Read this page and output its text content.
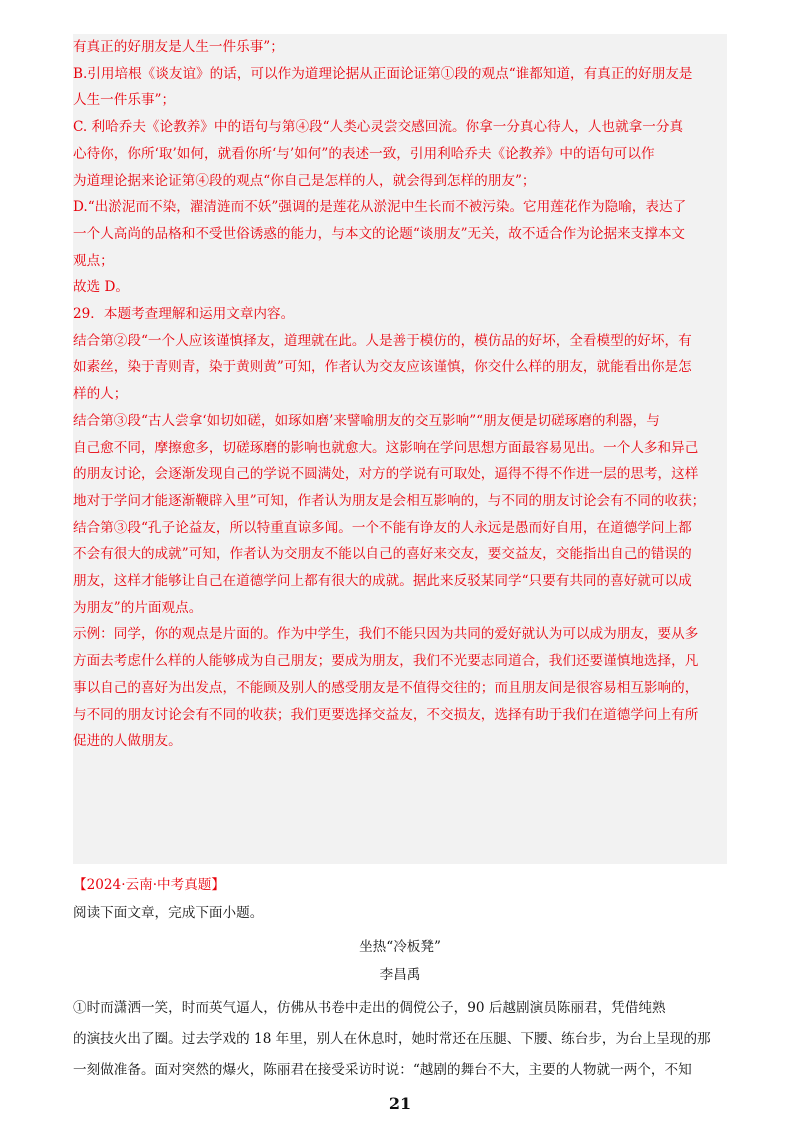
有真正的好朋友是人生一件乐事”；

B.引用培根《谈友谊》的话，可以作为道理论据从正面论证第①段的观点“谁都知道，有真正的好朋友是

人生一件乐事”；

C. 利哈乔夫《论教养》中的语句与第④段“人类心灵尝交感回流。你拿一分真心待人，人也就拿一分真

心待你，你所‘取’如何，就看你所‘与’如何”的表述一致，引用利哈乔夫《论教养》中的语句可以作

为道理论据来论证第④段的观点“你自己是怎样的人，就会得到怎样的朋友”；

D.“出淤泥而不染，濯清涟而不妖”强调的是莲花从淤泥中生长而不被污染。它用莲花作为隐喻，表达了

一个人高尚的品格和不受世俗诱惑的能力，与本文的论题“谈朋友”无关，故不适合作为论据来支撑本文

观点；

故选 D。

29．本题考查理解和运用文章内容。

结合第②段“一个人应该谨慎择友，道理就在此。人是善于模仿的，模仿品的好坏，全看模型的好坏，有

如素丝，染于青则青，染于黄则黄”可知，作者认为交友应该谨慎，你交什么样的朋友，就能看出你是怎

样的人；

结合第③段“古人尝拿‘如切如磋，如琢如磨’来譬喻朋友的交互影响”“朋友便是切磋琢磨的利器，与

自己愈不同，摩擦愈多，切磋琢磨的影响也就愈大。这影响在学问思想方面最容易见出。一个人多和异己

的朋友讨论，会逐渐发现自己的学说不圆满处，对方的学说有可取处，逼得不得不作进一层的思考，这样

地对于学问才能逐渐鞭辟入里”可知，作者认为朋友是会相互影响的，与不同的朋友讨论会有不同的收获；

结合第③段“孔子论益友，所以特重直谅多闻。一个不能有诤友的人永远是愚而好自用，在道德学问上都

不会有很大的成就”可知，作者认为交朋友不能以自己的喜好来交友，要交益友，交能指出自己的错误的

朋友，这样才能够让自己在道德学问上都有很大的成就。据此来反驳某同学“只要有共同的喜好就可以成

为朋友”的片面观点。

示例：同学，你的观点是片面的。作为中学生，我们不能只因为共同的爱好就认为可以成为朋友，要从多

方面去考虑什么样的人能够成为自己朋友；要成为朋友，我们不光要志同道合，我们还要谨慎地选择，凡

事以自己的喜好为出发点，不能顾及别人的感受朋友是不值得交往的；而且朋友间是很容易相互影响的，

与不同的朋友讨论会有不同的收获；我们更要选择交益友，不交损友，选择有助于我们在道德学问上有所

促进的人做朋友。

【2024·云南·中考真题】
阅读下面文章，完成下面小题。
坐热“冷板凳”
李昌禹

①时而潇洒一笑，时而英气逼人，仿佛从书卷中走出的倜傥公子，90 后越剧演员陈丽君，凭借纯熟

的演技火出了圈。过去学戏的 18 年里，别人在休息时，她时常还在压腿、下腰、练台步，为台上呈现的那

一刻做准备。面对突然的爆火，陈丽君在接受采访时说：“越剧的舞台不大，主要的人物就一两个，不知

21
